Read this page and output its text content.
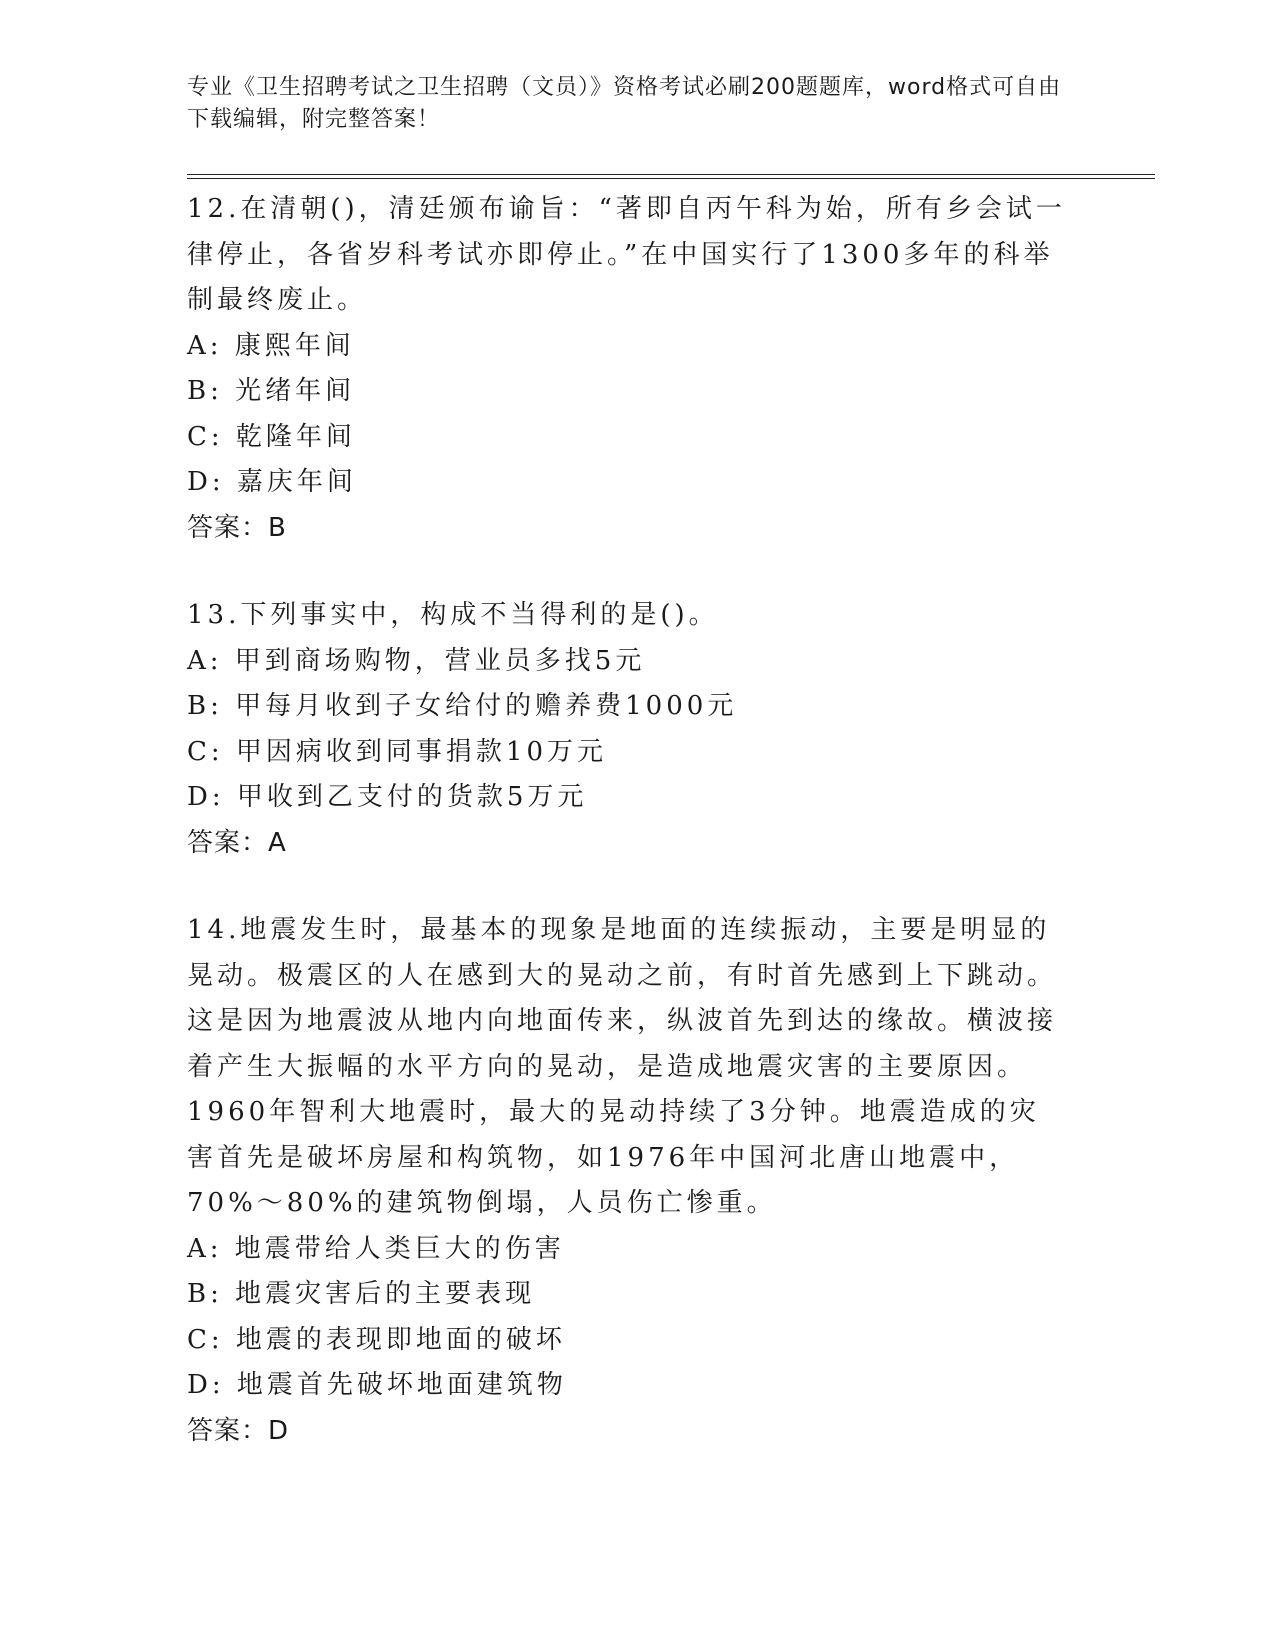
专业《卫生招聘考试之卫生招聘（文员）》资格考试必刷200题题库，word格式可自由下载编辑，附完整答案！

12.在清朝()，清廷颁布谕旨：“著即自丙午科为始，所有乡会试一律停止，各省岁科考试亦即停止。”在中国实行了1300多年的科举制最终废止。

A: 康熙年间

B: 光绪年间

C: 乾隆年间

D: 嘉庆年间

答案：B

13.下列事实中，构成不当得利的是()。

A: 甲到商场购物，营业员多找5元

B: 甲每月收到子女给付的赡养费1000元

C: 甲因病收到同事捐款10万元

D: 甲收到乙支付的货款5万元

答案：A

14.地震发生时，最基本的现象是地面的连续振动，主要是明显的晃动。极震区的人在感到大的晃动之前，有时首先感到上下跳动。这是因为地震波从地内向地面传来，纵波首先到达的缘故。横波接着产生大振幅的水平方向的晃动，是造成地震灾害的主要原因。1960年智利大地震时，最大的晃动持续了3分钟。地震造成的灾害首先是破坏房屋和构筑物，如1976年中国河北唐山地震中，70%～80%的建筑物倒塌，人员伤亡惨重。

A: 地震带给人类巨大的伤害

B: 地震灾害后的主要表现

C: 地震的表现即地面的破坏

D: 地震首先破坏地面建筑物

答案：D
